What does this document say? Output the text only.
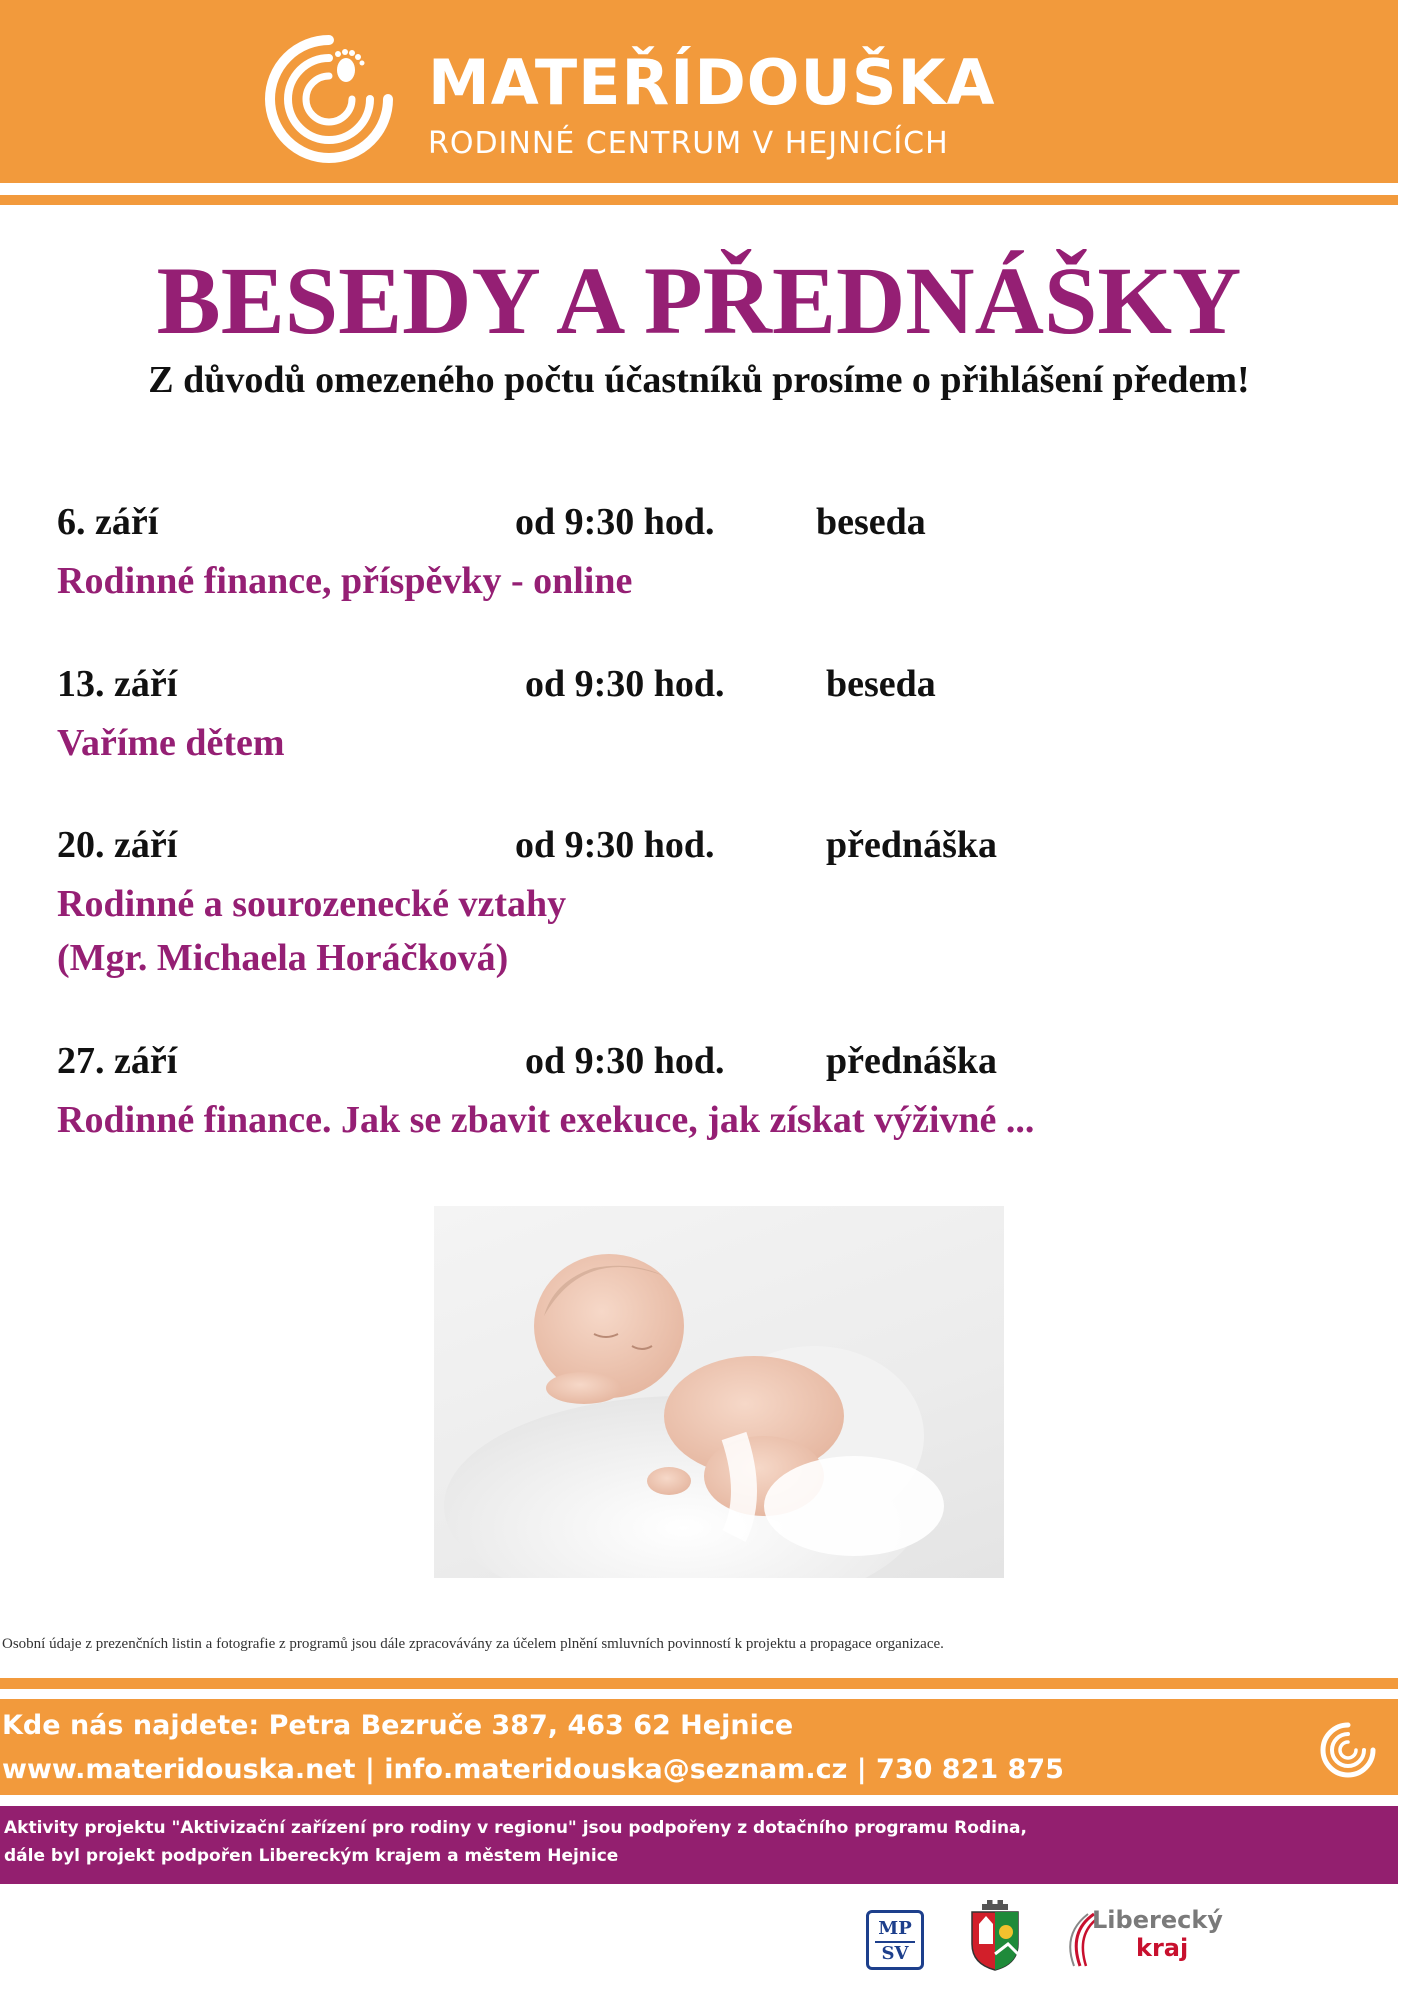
MATEŘÍDOUŠKA
RODINNÉ CENTRUM V HEJNICÍCH
BESEDY A PŘEDNÁŠKY
Z důvodů omezeného počtu účastníků prosíme o přihlášení předem!
6. září	od 9:30 hod.	beseda
Rodinné finance, příspěvky - online
13. září	od 9:30 hod.	beseda
Vaříme dětem
20. září	od 9:30 hod.	přednáška
Rodinné a sourozenecké vztahy
(Mgr. Michaela Horáčková)
27. září	od 9:30 hod.	přednáška
Rodinné finance. Jak se zbavit exekuce, jak získat výživné ...
Osobní údaje z prezenčních listin a fotografie z programů jsou dále zpracovávány za účelem plnění smluvních povinností k projektu a propagace organizace.
Kde nás najdete: Petra Bezruče 387, 463 62 Hejnice
www.materidouska.net | info.materidouska@seznam.cz | 730 821 875
Aktivity projektu "Aktivizační zařízení pro rodiny v regionu" jsou podpořeny z dotačního programu Rodina,
dále byl projekt podpořen Libereckým krajem a městem Hejnice
MP
SV
Liberecký
kraj
